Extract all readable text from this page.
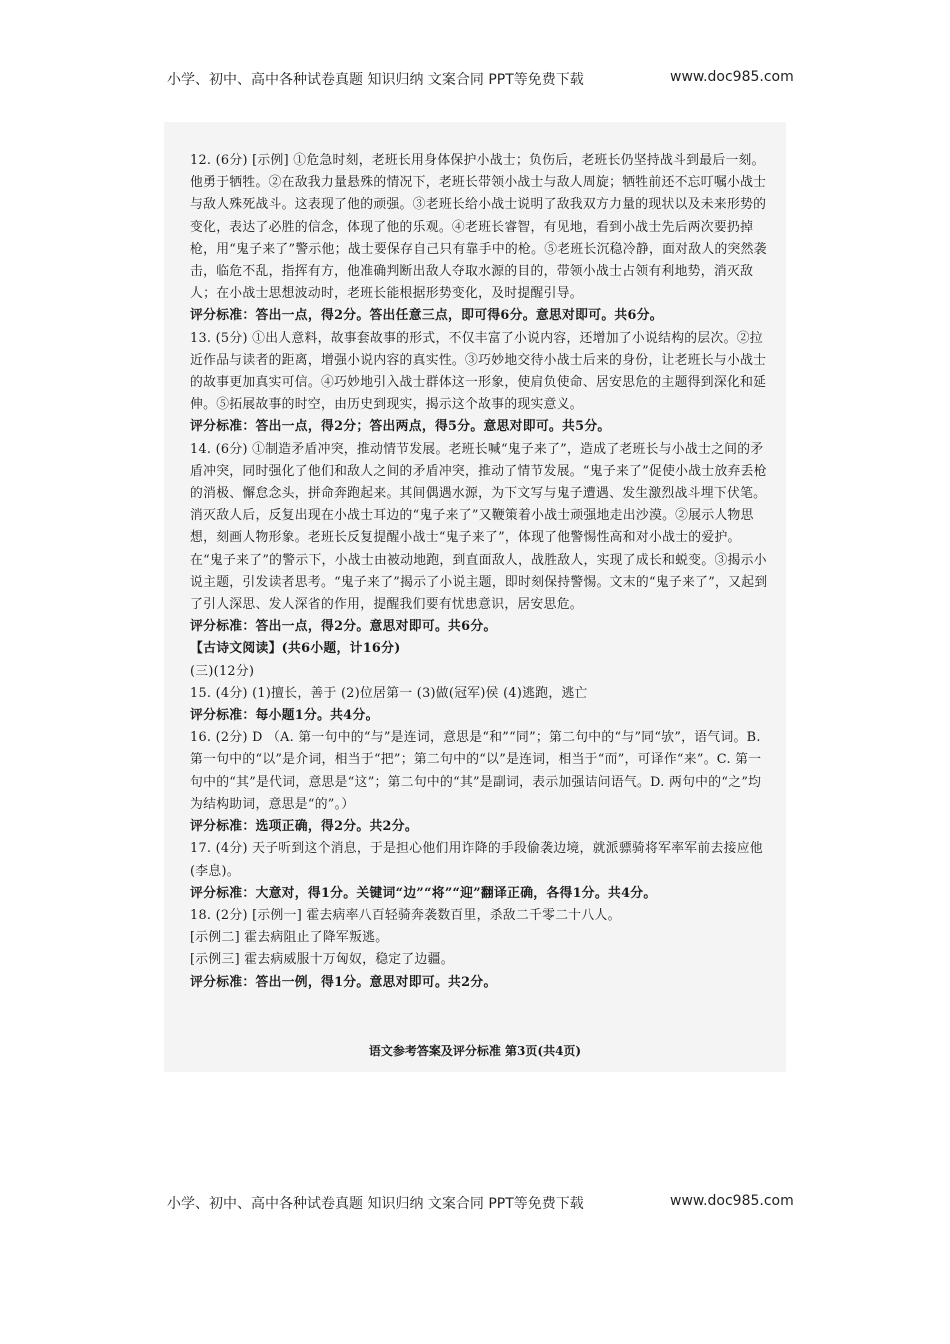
小学、初中、高中各种试卷真题 知识归纳 文案合同 PPT等免费下载	www.doc985.com

12. (6分) [示例] ①危急时刻，老班长用身体保护小战士；负伤后，老班长仍坚持战斗到最后一刻。他勇于牺牲。②在敌我力量悬殊的情况下，老班长带领小战士与敌人周旋；牺牲前还不忘叮嘱小战士与敌人殊死战斗。这表现了他的顽强。③老班长给小战士说明了敌我双方力量的现状以及未来形势的变化，表达了必胜的信念，体现了他的乐观。④老班长睿智，有见地，看到小战士先后两次要扔掉枪，用“鬼子来了”警示他；战士要保存自己只有靠手中的枪。⑤老班长沉稳冷静，面对敌人的突然袭击，临危不乱，指挥有方，他准确判断出敌人夺取水源的目的，带领小战士占领有利地势，消灭敌人；在小战士思想波动时，老班长能根据形势变化，及时提醒引导。

评分标准：答出一点，得2分。答出任意三点，即可得6分。意思对即可。共6分。

13. (5分) ①出人意料，故事套故事的形式，不仅丰富了小说内容，还增加了小说结构的层次。②拉近作品与读者的距离，增强小说内容的真实性。③巧妙地交待小战士后来的身份，让老班长与小战士的故事更加真实可信。④巧妙地引入战士群体这一形象，使肩负使命、居安思危的主题得到深化和延伸。⑤拓展故事的时空，由历史到现实，揭示这个故事的现实意义。

评分标准：答出一点，得2分；答出两点，得5分。意思对即可。共5分。

14. (6分) ①制造矛盾冲突，推动情节发展。老班长喊“鬼子来了”，造成了老班长与小战士之间的矛盾冲突，同时强化了他们和敌人之间的矛盾冲突，推动了情节发展。“鬼子来了”促使小战士放弃丢枪的消极、懈怠念头，拼命奔跑起来。其间偶遇水源，为下文写与鬼子遭遇、发生激烈战斗埋下伏笔。消灭敌人后，反复出现在小战士耳边的“鬼子来了”又鞭策着小战士顽强地走出沙漠。②展示人物思想，刻画人物形象。老班长反复提醒小战士“鬼子来了”，体现了他警惕性高和对小战士的爱护。在“鬼子来了”的警示下，小战士由被动地跑，到直面敌人，战胜敌人，实现了成长和蜕变。③揭示小说主题，引发读者思考。“鬼子来了”揭示了小说主题，即时刻保持警惕。文末的“鬼子来了”，又起到了引人深思、发人深省的作用，提醒我们要有忧患意识，居安思危。

评分标准：答出一点，得2分。意思对即可。共6分。

【古诗文阅读】(共6小题，计16分)

(三)(12分)

15. (4分) (1)擅长，善于 (2)位居第一 (3)做(冠军)侯 (4)逃跑，逃亡

评分标准：每小题1分。共4分。

16. (2分) D （A. 第一句中的“与”是连词，意思是“和”“同”；第二句中的“与”同“欤”，语气词。B. 第一句中的“以”是介词，相当于“把”；第二句中的“以”是连词，相当于“而”，可译作“来”。C. 第一句中的“其”是代词，意思是“这”；第二句中的“其”是副词，表示加强诘问语气。D. 两句中的“之”均为结构助词，意思是“的”。）

评分标准：选项正确，得2分。共2分。

17. (4分) 天子听到这个消息，于是担心他们用诈降的手段偷袭边境，就派骠骑将军率军前去接应他(李息)。

评分标准：大意对，得1分。关键词“边”“将”“迎”翻译正确，各得1分。共4分。

18. (2分) [示例一] 霍去病率八百轻骑奔袭数百里，杀敌二千零二十八人。

[示例二] 霍去病阻止了降军叛逃。

[示例三] 霍去病威服十万匈奴，稳定了边疆。

评分标准：答出一例，得1分。意思对即可。共2分。

语文参考答案及评分标准 第3页(共4页)
小学、初中、高中各种试卷真题 知识归纳 文案合同 PPT等免费下载	www.doc985.com
